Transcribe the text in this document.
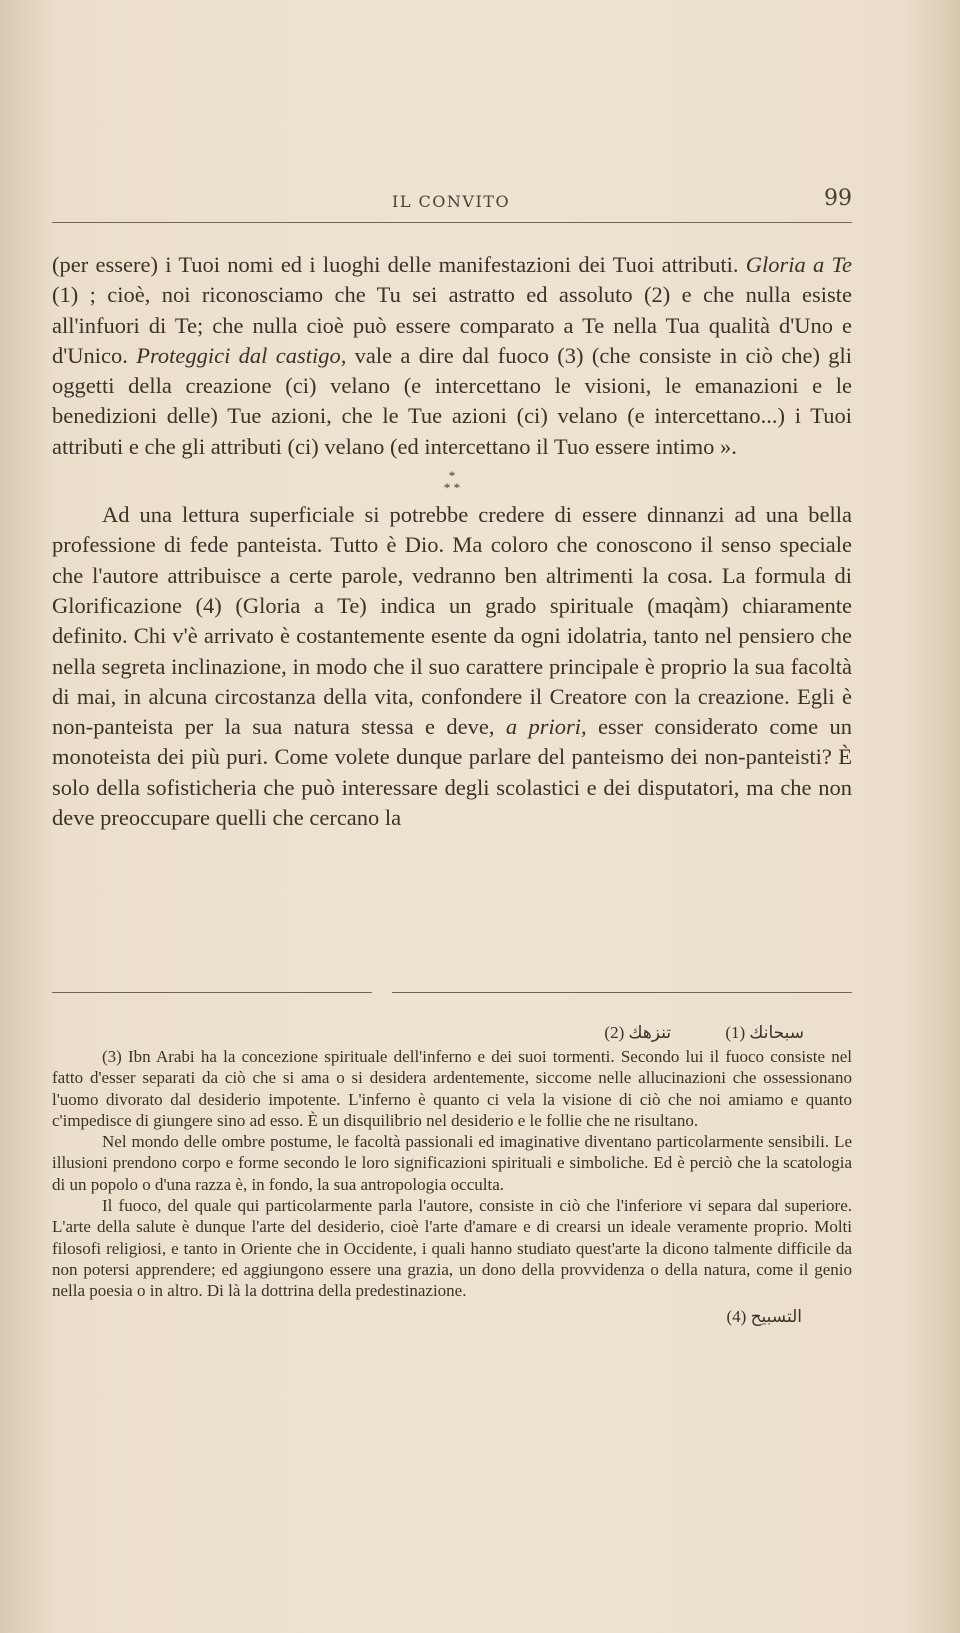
IL CONVITO	99

(per essere) i Tuoi nomi ed i luoghi delle manifestazioni dei Tuoi attributi. Gloria a Te (1) ; cioè, noi riconosciamo che Tu sei astratto ed assoluto (2) e che nulla esiste all'infuori di Te; che nulla cioè può essere comparato a Te nella Tua qualità d'Uno e d'Unico. Proteggici dal castigo, vale a dire dal fuoco (3) (che consiste in ciò che) gli oggetti della creazione (ci) velano (e intercettano le visioni, le emanazioni e le benedizioni delle) Tue azioni, che le Tue azioni (ci) velano (e intercettano...) i Tuoi attributi e che gli attributi (ci) velano (ed intercettano il Tuo essere intimo ».

*
* *

Ad una lettura superficiale si potrebbe credere di essere dinnanzi ad una bella professione di fede panteista. Tutto è Dio. Ma coloro che conoscono il senso speciale che l'autore attribuisce a certe parole, vedranno ben altrimenti la cosa. La formula di Glorificazione (4) (Gloria a Te) indica un grado spirituale (maqàm) chiaramente definito. Chi v'è arrivato è costantemente esente da ogni idolatria, tanto nel pensiero che nella segreta inclinazione, in modo che il suo carattere principale è proprio la sua facoltà di mai, in alcuna circostanza della vita, confondere il Creatore con la creazione. Egli è non-panteista per la sua natura stessa e deve, a priori, esser considerato come un monoteista dei più puri. Come volete dunque parlare del panteismo dei non-panteisti? È solo della sofisticheria che può interessare degli scolastici e dei disputatori, ma che non deve preoccupare quelli che cercano la

تنزهك (2)	سبحانك (1)

(3) Ibn Arabi ha la concezione spirituale dell'inferno e dei suoi tormenti. Secondo lui il fuoco consiste nel fatto d'esser separati da ciò che si ama o si desidera ardentemente, siccome nelle allucinazioni che ossessionano l'uomo divorato dal desiderio impotente. L'inferno è quanto ci vela la visione di ciò che noi amiamo e quanto c'impedisce di giungere sino ad esso. È un disquilibrio nel desiderio e le follie che ne risultano.

Nel mondo delle ombre postume, le facoltà passionali ed imaginative diventano particolarmente sensibili. Le illusioni prendono corpo e forme secondo le loro significazioni spirituali e simboliche. Ed è perciò che la scatologia di un popolo o d'una razza è, in fondo, la sua antropologia occulta.

Il fuoco, del quale qui particolarmente parla l'autore, consiste in ciò che l'inferiore vi separa dal superiore. L'arte della salute è dunque l'arte del desiderio, cioè l'arte d'amare e di crearsi un ideale veramente proprio. Molti filosofi religiosi, e tanto in Oriente che in Occidente, i quali hanno studiato quest'arte la dicono talmente difficile da non potersi apprendere; ed aggiungono essere una grazia, un dono della provvidenza o della natura, come il genio nella poesia o in altro. Di là la dottrina della predestinazione.

التسبيح (4)
